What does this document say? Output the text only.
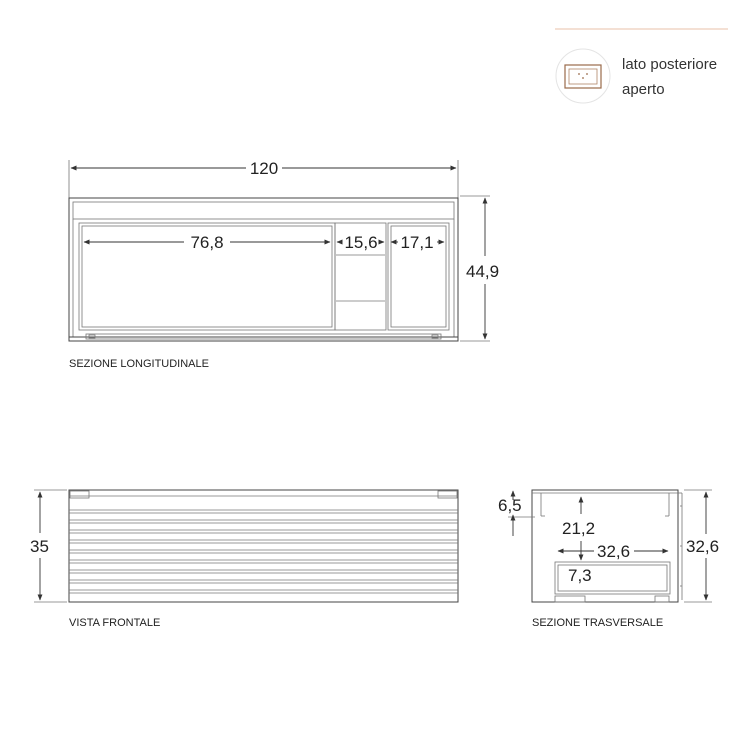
lato posteriore
aperto
120
76,8	15,6 17,1
44,9
SEZIONE LONGITUDINALE
35
VISTA FRONTALE
6,5
21,2
32,6
7,3
32,6
SEZIONE TRASVERSALE
